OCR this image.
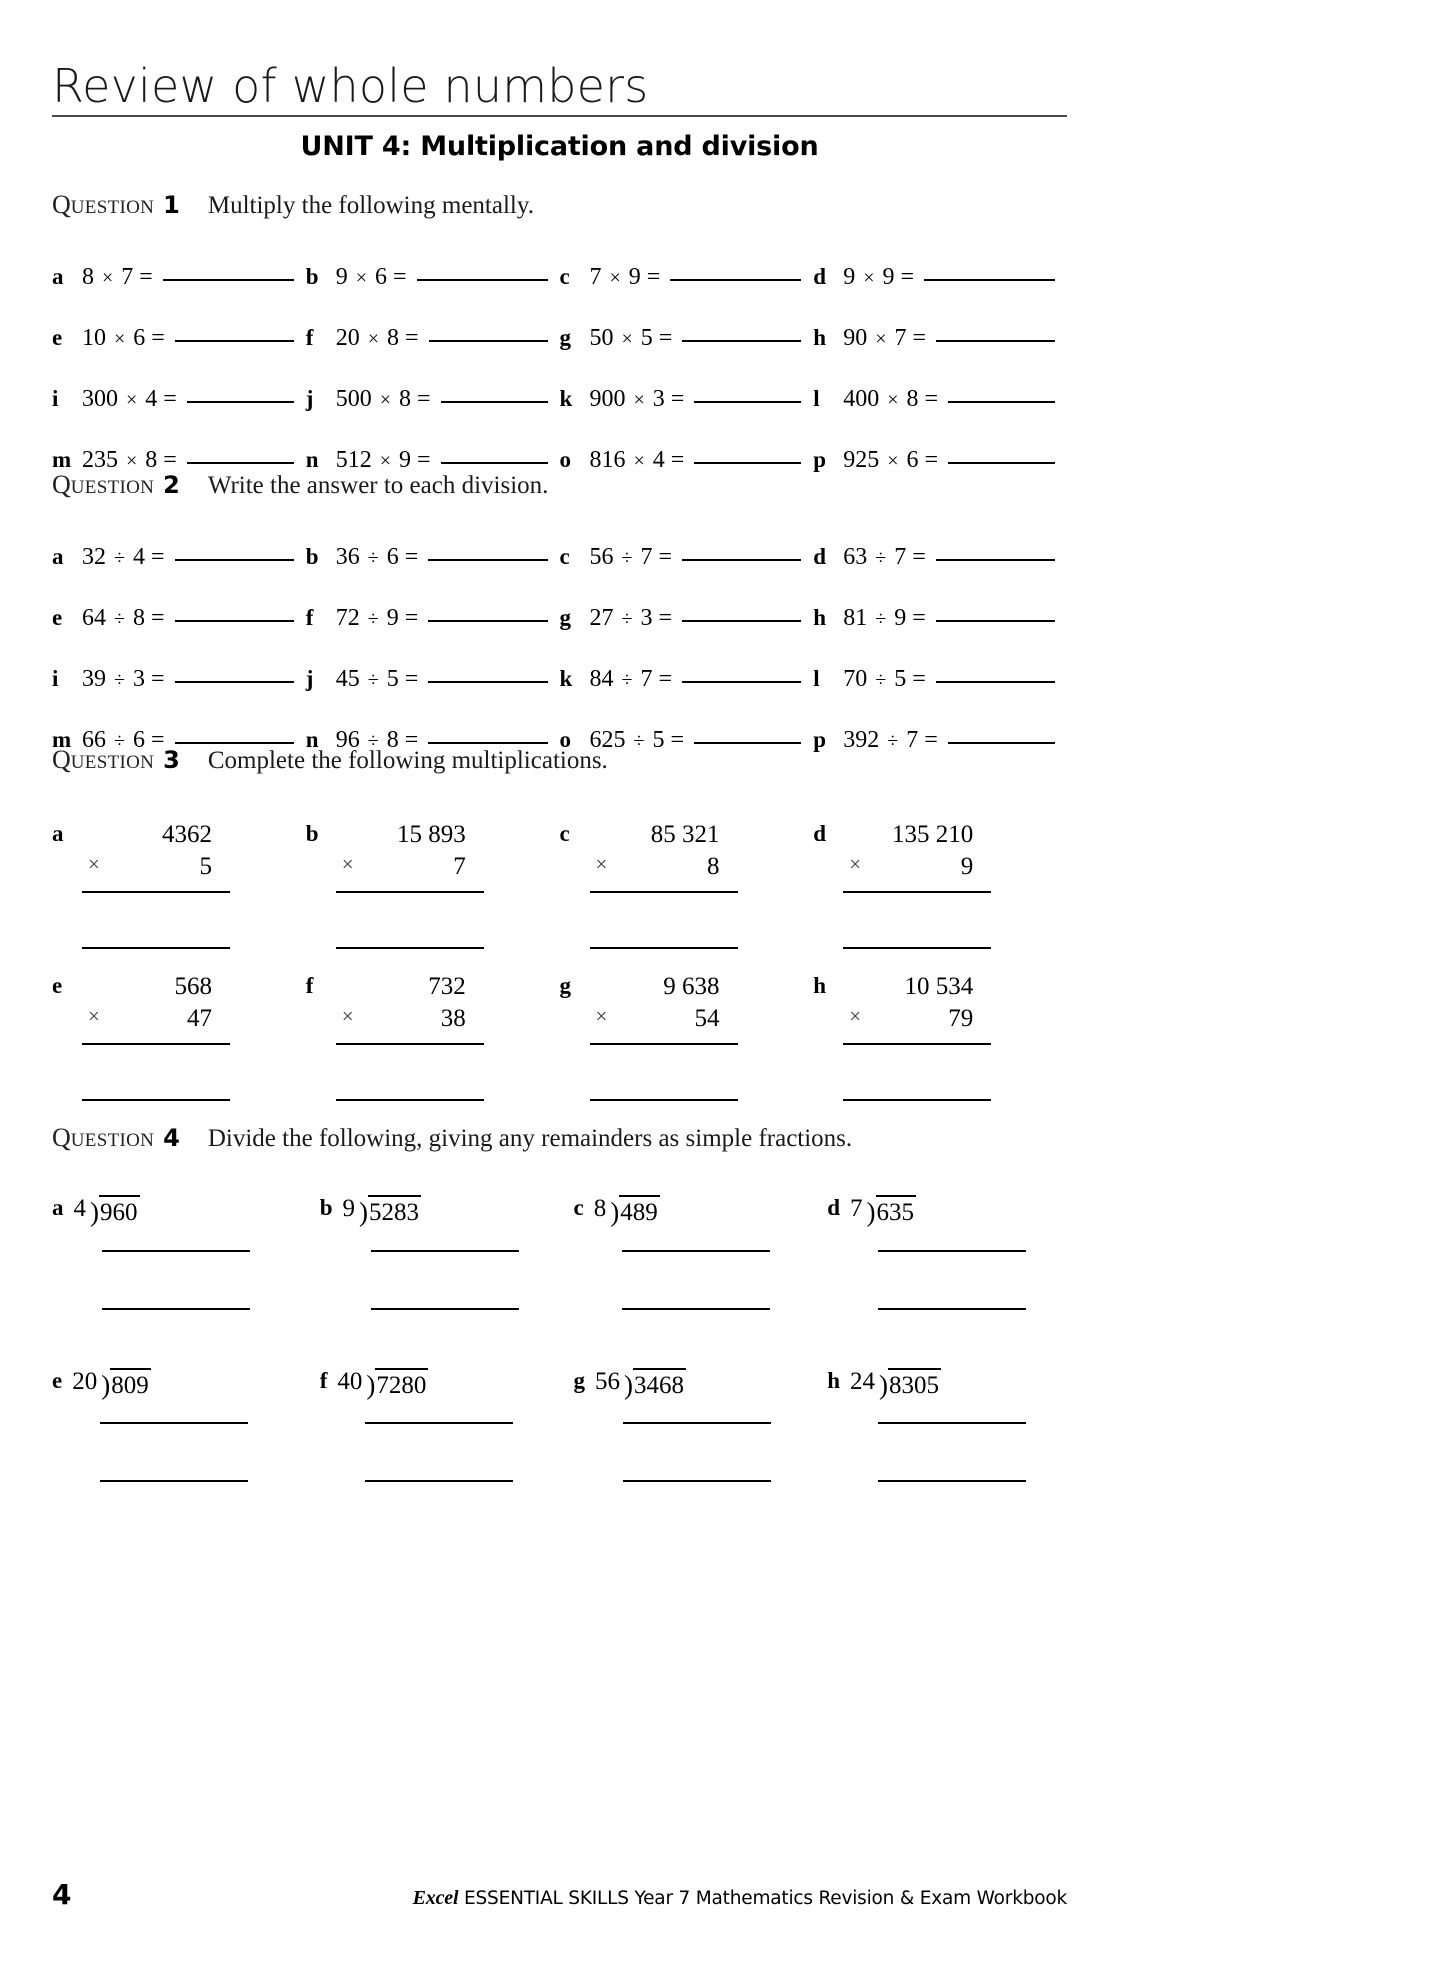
Review of whole numbers
UNIT 4: Multiplication and division
QUESTION 1 Multiply the following mentally.
a 8 × 7 =	b 9 × 6 =	c 7 × 9 =	d 9 × 9 =
e 10 × 6 =	f 20 × 8 =	g 50 × 5 =	h 90 × 7 =
i 300 × 4 =	j 500 × 8 =	k 900 × 3 =	l 400 × 8 =
m 235 × 8 =	n 512 × 9 =	o 816 × 4 =	p 925 × 6 =
QUESTION 2 Write the answer to each division.
a 32 ÷ 4 =	b 36 ÷ 6 =	c 56 ÷ 7 =	d 63 ÷ 7 =
e 64 ÷ 8 =	f 72 ÷ 9 =	g 27 ÷ 3 =	h 81 ÷ 9 =
i 39 ÷ 3 =	j 45 ÷ 5 =	k 84 ÷ 7 =	l 70 ÷ 5 =
m 66 ÷ 6 =	n 96 ÷ 8 =	o 625 ÷ 5 =	p 392 ÷ 7 =
QUESTION 3 Complete the following multiplications.
a	4362
×	5
b	15 893
×	7
c	85 321
×	8
d	135 210
×	9
e	568
×	47
f	732
×	38
g	9 638
×	54
h	10 534
×	79
QUESTION 4 Divide the following, giving any remainders as simple fractions.
a 4 )960	b 9 )5283	c 8 )489	d 7 )635
e 20 )809	f 40 )7280	g 56 )3468	h 24 )8305
4	Excel ESSENTIAL SKILLS Year 7 Mathematics Revision & Exam Workbook
